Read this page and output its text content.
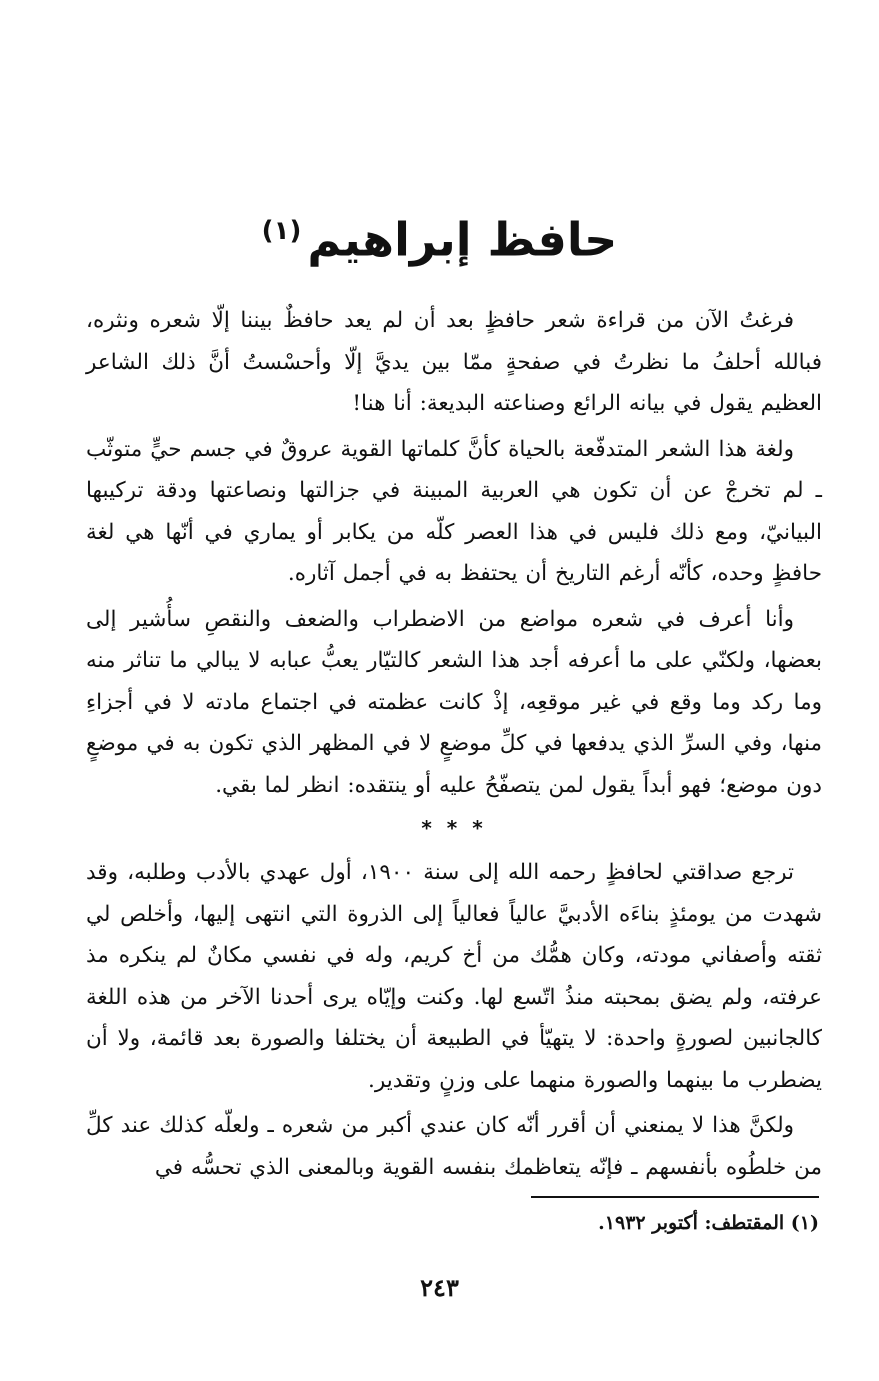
حافظ إبراهيم$^{(١)}$

فرغتُ الآن من قراءة شعر حافظٍ بعد أن لم يعد حافظٌ بيننا إلّا شعره ونثره، فبالله أحلفُ ما نظرتُ في صفحةٍ ممّا بين يديَّ إلّا وأحسْستُ أنَّ ذلك الشاعر العظيم يقول في بيانه الرائع وصناعته البديعة: أنا هنا!

ولغة هذا الشعر المتدفّعة بالحياة كأنَّ كلماتها القوية عروقٌ في جسم حيٍّ متوثّب ـ لم تخرجْ عن أن تكون هي العربية المبينة في جزالتها ونصاعتها ودقة تركيبها البيانيّ، ومع ذلك فليس في هذا العصر كلّه من يكابر أو يماري في أنّها هي لغة حافظٍ وحده، كأنّه أرغم التاريخ أن يحتفظ به في أجمل آثاره.

وأنا أعرف في شعره مواضع من الاضطراب والضعف والنقصِ سأُشير إلى بعضها، ولكنّي على ما أعرفه أجد هذا الشعر كالتيّار يعبُّ عبابه لا يبالي ما تناثر منه وما ركد وما وقع في غير موقعِه، إذْ كانت عظمته في اجتماع مادته لا في أجزاءِ منها، وفي السرِّ الذي يدفعها في كلِّ موضعٍ لا في المظهر الذي تكون به في موضعٍ دون موضع؛ فهو أبداً يقول لمن يتصفّحُ عليه أو ينتقده: انظر لما بقي.

* * *

ترجع صداقتي لحافظٍ رحمه الله إلى سنة ١٩٠٠، أول عهدي بالأدب وطلبه، وقد شهدت من يومئذٍ بناءَه الأدبيَّ عالياً فعالياً إلى الذروة التي انتهى إليها، وأخلص لي ثقته وأصفاني مودته، وكان همُّك من أخ كريم، وله في نفسي مكانٌ لم ينكره مذ عرفته، ولم يضق بمحبته منذُ اتّسع لها. وكنت وإيّاه يرى أحدنا الآخر من هذه اللغة كالجانبين لصورةٍ واحدة: لا يتهيّأ في الطبيعة أن يختلفا والصورة بعد قائمة، ولا أن يضطرب ما بينهما والصورة منهما على وزنٍ وتقدير.

ولكنَّ هذا لا يمنعني أن أقرر أنّه كان عندي أكبر من شعره ـ ولعلّه كذلك عند كلِّ من خلطُوه بأنفسهم ـ فإنّه يتعاظمك بنفسه القوية وبالمعنى الذي تحسُّه في

(١) المقتطف: أكتوبر ١٩٣٢.

٢٤٣
